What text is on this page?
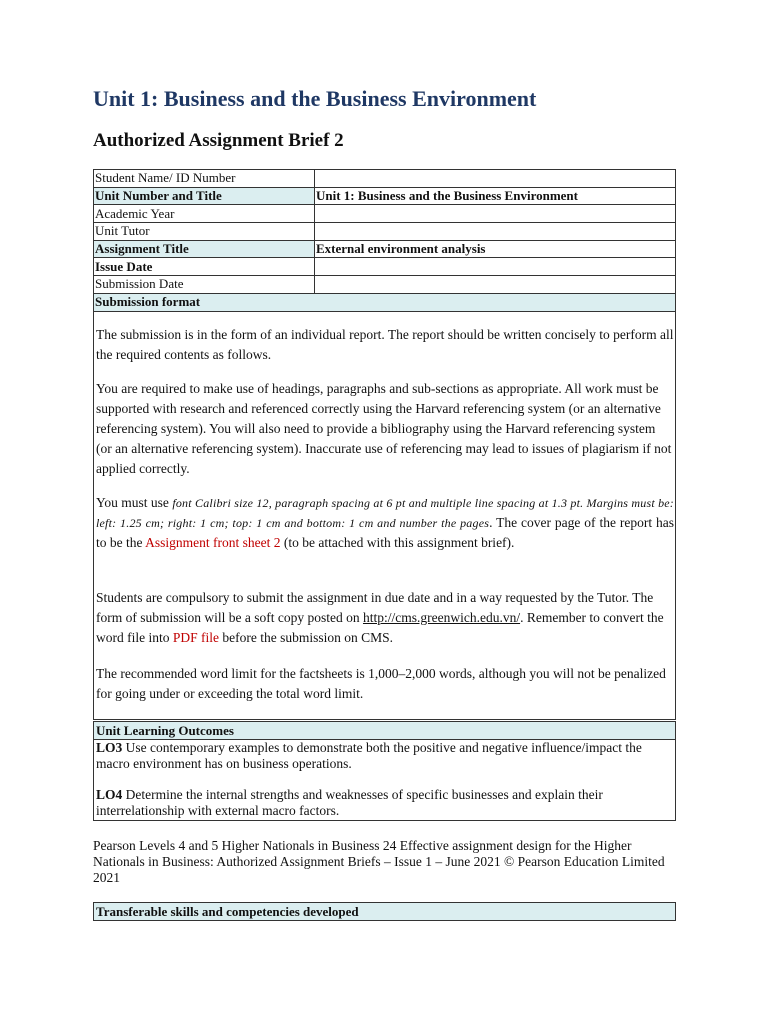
Unit 1: Business and the Business Environment
Authorized Assignment Brief 2
Student Name/ ID Number	
Unit Number and Title	Unit 1: Business and the Business Environment
Academic Year	
Unit Tutor	
Assignment Title	External environment analysis
Issue Date	
Submission Date	
Submission format	

The submission is in the form of an individual report. The report should be written concisely to perform all the required contents as follows.

You are required to make use of headings, paragraphs and sub-sections as appropriate. All work must be supported with research and referenced correctly using the Harvard referencing system (or an alternative referencing system). You will also need to provide a bibliography using the Harvard referencing system (or an alternative referencing system). Inaccurate use of referencing may lead to issues of plagiarism if not applied correctly.

You must use font Calibri size 12, paragraph spacing at 6 pt and multiple line spacing at 1.3 pt. Margins must be: left: 1.25 cm; right: 1 cm; top: 1 cm and bottom: 1 cm and number the pages. The cover page of the report has to be the Assignment front sheet 2 (to be attached with this assignment brief).

Students are compulsory to submit the assignment in due date and in a way requested by the Tutor. The form of submission will be a soft copy posted on http://cms.greenwich.edu.vn/. Remember to convert the word file into PDF file before the submission on CMS.

The recommended word limit for the factsheets is 1,000–2,000 words, although you will not be penalized for going under or exceeding the total word limit.

Unit Learning Outcomes

LO3 Use contemporary examples to demonstrate both the positive and negative influence/impact the macro environment has on business operations.

LO4 Determine the internal strengths and weaknesses of specific businesses and explain their interrelationship with external macro factors.

Pearson Levels 4 and 5 Higher Nationals in Business 24 Effective assignment design for the Higher Nationals in Business: Authorized Assignment Briefs – Issue 1 – June 2021 © Pearson Education Limited 2021

Transferable skills and competencies developed
